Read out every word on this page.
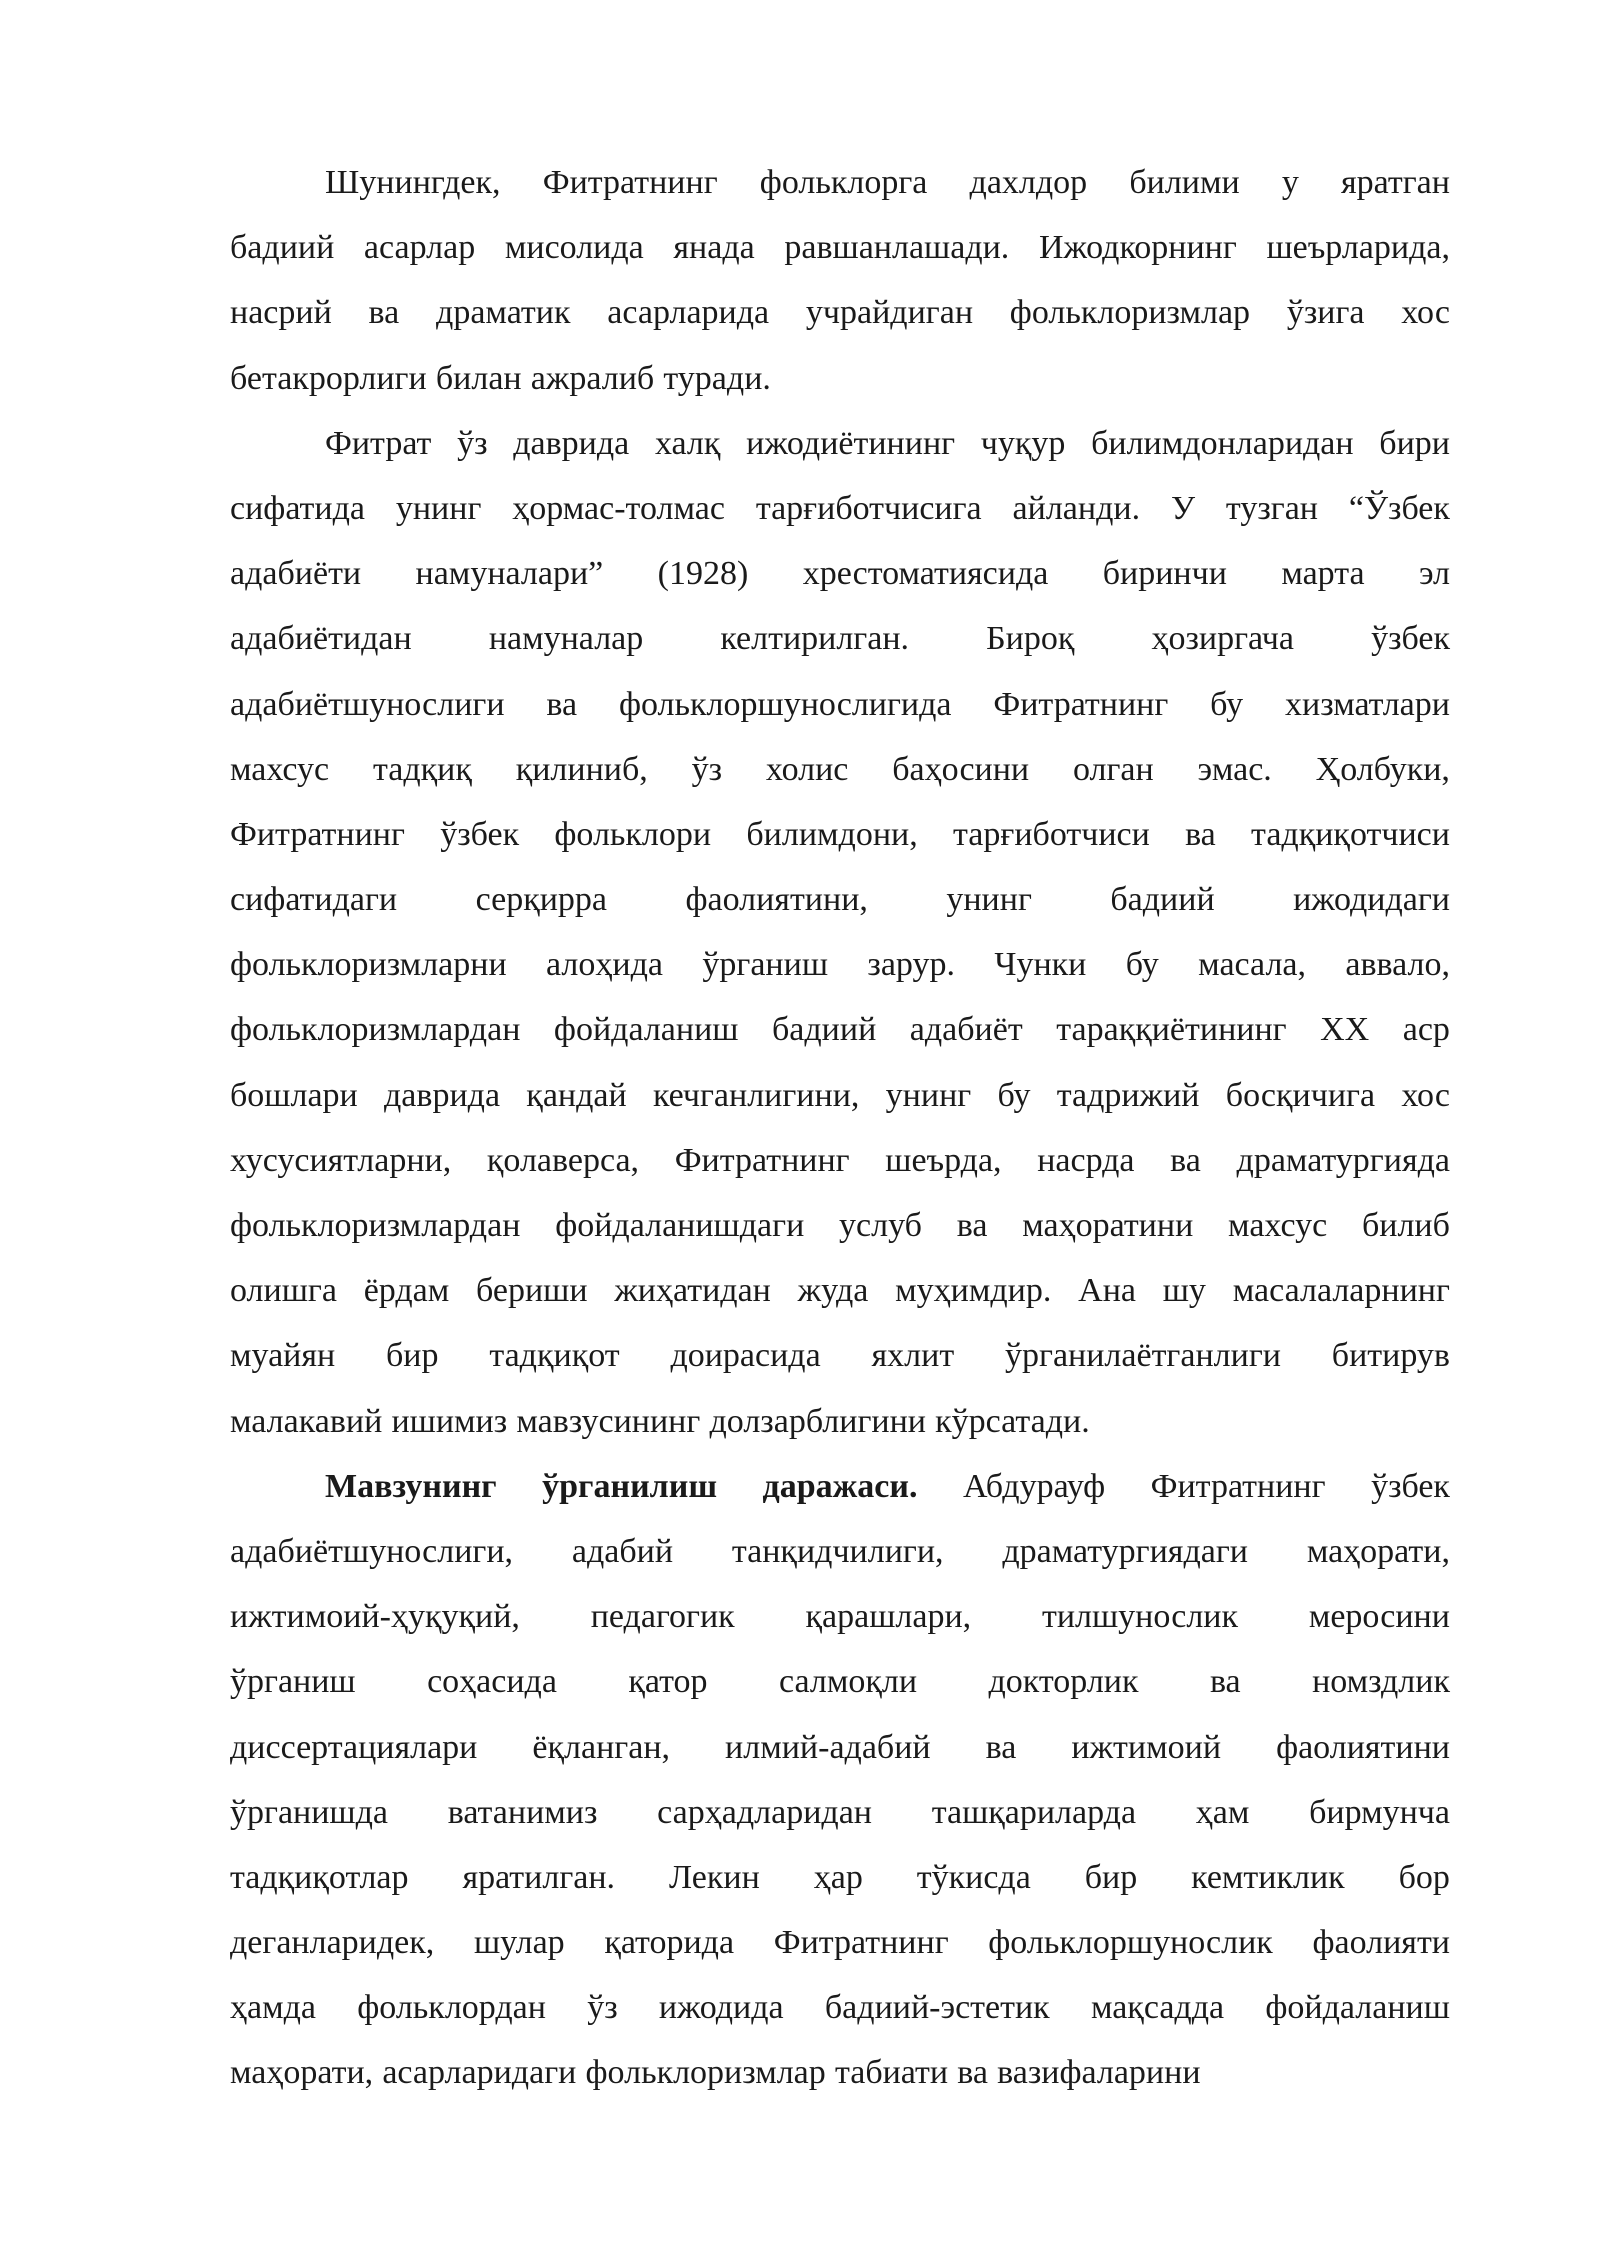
Шунингдек, Фитратнинг фольклорга дахлдор билими у яратган
бадиий асарлар мисолида янада равшанлашади. Ижодкорнинг шеърларида,
насрий ва драматик асарларида учрайдиган фольклоризмлар ўзига хос
бетакрорлиги билан ажралиб туради.
Фитрат ўз даврида халқ ижодиётининг чуқур билимдонларидан бири
сифатида унинг ҳормас-толмас тарғиботчисига айланди. У тузган “Ўзбек
адабиёти намуналари” (1928) хрестоматиясида биринчи марта эл
адабиётидан намуналар келтирилган. Бироқ ҳозиргача ўзбек
адабиётшунослиги ва фольклоршунослигида Фитратнинг бу хизматлари
махсус тадқиқ қилиниб, ўз холис баҳосини олган эмас. Ҳолбуки,
Фитратнинг ўзбек фольклори билимдони, тарғиботчиси ва тадқиқотчиси
сифатидаги серқирра фаолиятини, унинг бадиий ижодидаги
фольклоризмларни алоҳида ўрганиш зарур. Чунки бу масала, аввало,
фольклоризмлардан фойдаланиш бадиий адабиёт тараққиётининг XX аср
бошлари даврида қандай кечганлигини, унинг бу тадрижий босқичига хос
хусусиятларни, қолаверса, Фитратнинг шеърда, насрда ва драматургияда
фольклоризмлардан фойдаланишдаги услуб ва маҳоратини махсус билиб
олишга ёрдам бериши жиҳатидан жуда муҳимдир. Ана шу масалаларнинг
муайян бир тадқиқот доирасида яхлит ўрганилаётганлиги битирув
малакавий ишимиз мавзусининг долзарблигини кўрсатади.
Мавзунинг ўрганилиш даражаси. Абдурауф Фитратнинг ўзбек
адабиётшунослиги, адабий танқидчилиги, драматургиядаги маҳорати,
ижтимоий-ҳуқуқий, педагогик қарашлари, тилшунослик меросини
ўрганиш соҳасида қатор салмоқли докторлик ва номздлик
диссертациялари ёқланган, илмий-адабий ва ижтимоий фаолиятини
ўрганишда ватанимиз сарҳадларидан ташқариларда ҳам бирмунча
тадқиқотлар яратилган. Лекин ҳар тўкисда бир кемтиклик бор
деганларидек, шулар қаторида Фитратнинг фольклоршунослик фаолияти
ҳамда фольклордан ўз ижодида бадиий-эстетик мақсадда фойдаланиш
маҳорати, асарларидаги фольклоризмлар табиати ва вазифаларини
